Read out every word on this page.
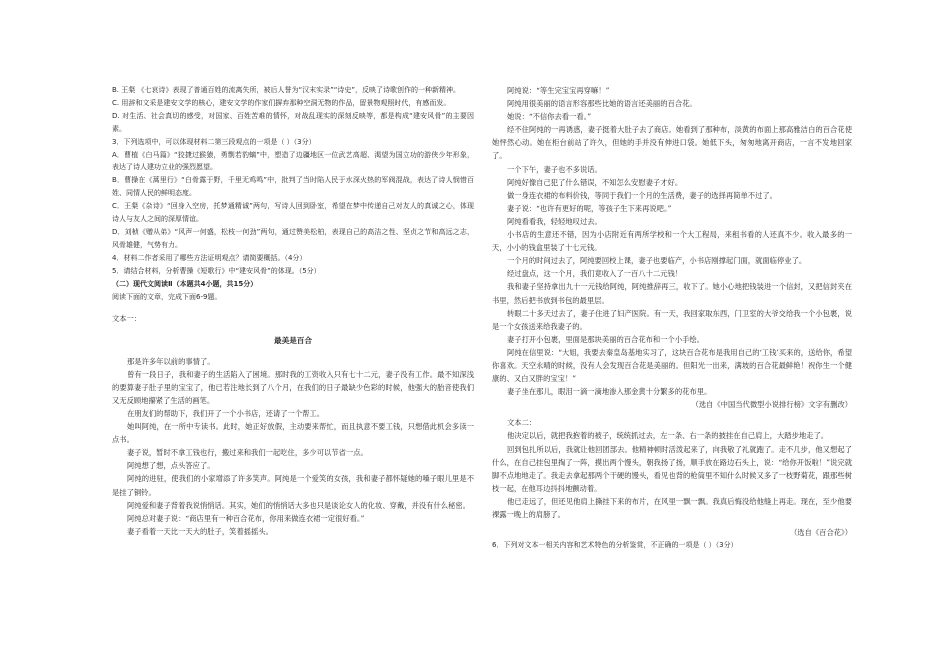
B. 王粲 《七哀诗》表现了普通百姓的流离失所，被后人誉为“汉末实录”“诗史”，反映了诗歌创作的一种新精神。

C. 用辞和文采是建安文学的核心，建安文学的作家们摒弃那种空洞无物的作品，留景物观照时代，有感而发。

D. 对生活、社会真切的感受，对国家、百姓苦难的情怀，对战乱现实的深刻反映等，都是构成“建安风骨”的主要因素。

3．下列选项中，可以体现材料二第三段观点的一项是（ ）（3分）

A．曹植《白马篇》“狡捷过猴猿，勇剽若豹螭”中，塑造了边疆地区一位武艺高超、渴望为国立功的游侠少年形象，表达了诗人建功立业的强烈愿望。

B．曹操在《蒿里行》“白骨露于野，千里无鸡鸣”中，批判了当时陷人民于水深火热的军阀混战，表达了诗人悯惜百姓、同情人民的鲜明态度。

C．王粲《杂诗》“回身入空房，托梦通精诚”两句，写诗人回到卧室，希望在梦中传递自己对友人的真诚之心，体现诗人与友人之间的深厚情谊。

D．刘桢《赠从弟》“风声一何盛，松枝一何劲”两句，通过赞美松柏，表现自己的高洁之性、坚贞之节和高远之志，风骨雄健，气势有力。

4．材料二作者采用了哪些方法证明观点？请简要概括。（4分）

5．请结合材料，分析曹操《短歌行》中“建安风骨”的体现。（5分）

（二）现代文阅读Ⅱ（本题共4小题，共15分）

阅读下面的文章，完成下面6-9题。

文本一：

最美是百合

那是许多年以前的事情了。

曾有一段日子，我和妻子的生活陷入了困境。那时我的工资收入只有七十二元，妻子没有工作。最不知深浅的要算妻子肚子里的宝宝了，他已若注地长到了八个月，在我们的日子最缺少色彩的时候，他强大的胎音使我们又无反顾地攥紧了生活的画笔。

在朋友们的帮助下，我们开了一个小书店，还请了一个帮工。

她叫阿纯，在一所中专读书。此时，她正好放假，主动要来帮忙，而且执意不要工钱，只想借此机会多读一点书。

妻子说，暂时不拿工钱也行，搬过来和我们一起吃住，多少可以节省一点。

阿纯想了想，点头答应了。

阿纯的进驻，使我们的小家增添了许多笑声。阿纯是一个爱笑的女孩，我和妻子都怀疑她的嗓子眼儿里是不是挂了铜铃。

阿纯爱和妻子背着我说悄悄话。其实，她们的悄悄话大多也只是谈论女人的化妆、穿戴，并没有什么秘密。

阿纯总对妻子说：“商店里有一种百合花布，你用来做连衣裙一定很好看。”

妻子看着一天比一天大的肚子，笑着摇摇头。

阿纯说：“等生完宝宝再穿嘛！”

阿纯用很美丽的语言形容那些比她的语言还美丽的百合花。

她说：“不信你去看一看。”

经不住阿纯的一再诱惑，妻子挺着大肚子去了商店。她看到了那种布，淡黄的布面上那高雅洁白的百合花使她怦然心动。她在柜台前站了许久，但她的手并没有伸进口袋。她低下头，匆匆地离开商店，一言不发地回家了。

一个下午，妻子也不多说话。

阿纯好像自己犯了什么错误，不知怎么安慰妻子才好。

做一身连衣裙的布料价钱，等同于我们一个月的生活费，妻子的选择再简单不过了。

妻子说：“也许有更好的呢，等孩子生下来再说吧。”

阿纯看看我，轻轻地叹过去。

小书店的生意还不错，因为小店附近有两所学校和一个大工程局，来租书看的人还真不少。收入最多的一天，小小的钱盒里装了十七元钱。

一个月的时间过去了，阿纯要回校上课，妻子也要临产，小书店刚撑起门面，就面临停业了。

经过盘点，这一个月，我们竟收入了一百八十二元钱！

我和妻子坚持拿出九十一元钱给阿纯，阿纯推辞再三，收下了。她小心地把钱装进一个信封，又把信封夹在书里，然后把书放到书包的最里层。

转眼二十多天过去了，妻子住进了妇产医院。有一天，我回家取东西，门卫室的大爷交给我一个小包裹，说是一个女孩送来给我妻子的。

妻子打开小包裹，里面是那块美丽的百合花布和一个小手绘。

阿纯在信里说：“大姐，我要去秦皇岛基地实习了，这块百合花布是我用自己的‘工钱’买来的，送给你，希望你喜欢。天空永晴的时候，没有人会发现百合花是美丽的。但阳光一出来，满坡的百合花最鲜艳！祝你生一个健康的、又白又胖的宝宝！”

妻子坐在那儿，眼泪一滴一滴地渗入那金黄十分繁多的花布里。

（选自《中国当代微型小说排行榜》文字有删改）

文本二：

他决定以后，就把我抱着的被子，统统抓过去，左一条、右一条的披挂在自己肩上，大踏步地走了。

回到包扎所以后，我就让他回团部去。他精神顿时活泼起来了，向我敬了礼就跑了。走不几步，他又想起了什么，在自己挂包里掏了一阵，摸出两个馒头，朝我扬了扬，顺手放在路边石头上，说：“给你开饭啦！”说完就脚不点地地走了。我走去拿起那两个干硬的馒头，看见也背的枪筒里不知什么时候又多了一枝野菊花，跟那些树枝一起，在他耳边抖抖地颤动着。

他已走远了，但还见他肩上撕挂下来的布片，在风里一飘一飘。我真后悔没给他缝上再走。现在，至少他要裸露一晚上的肩膀了。

（选自《百合花》）

6．下列对文本一相关内容和艺术特色的分析鉴赏，不正确的一项是（ ）（3分）
